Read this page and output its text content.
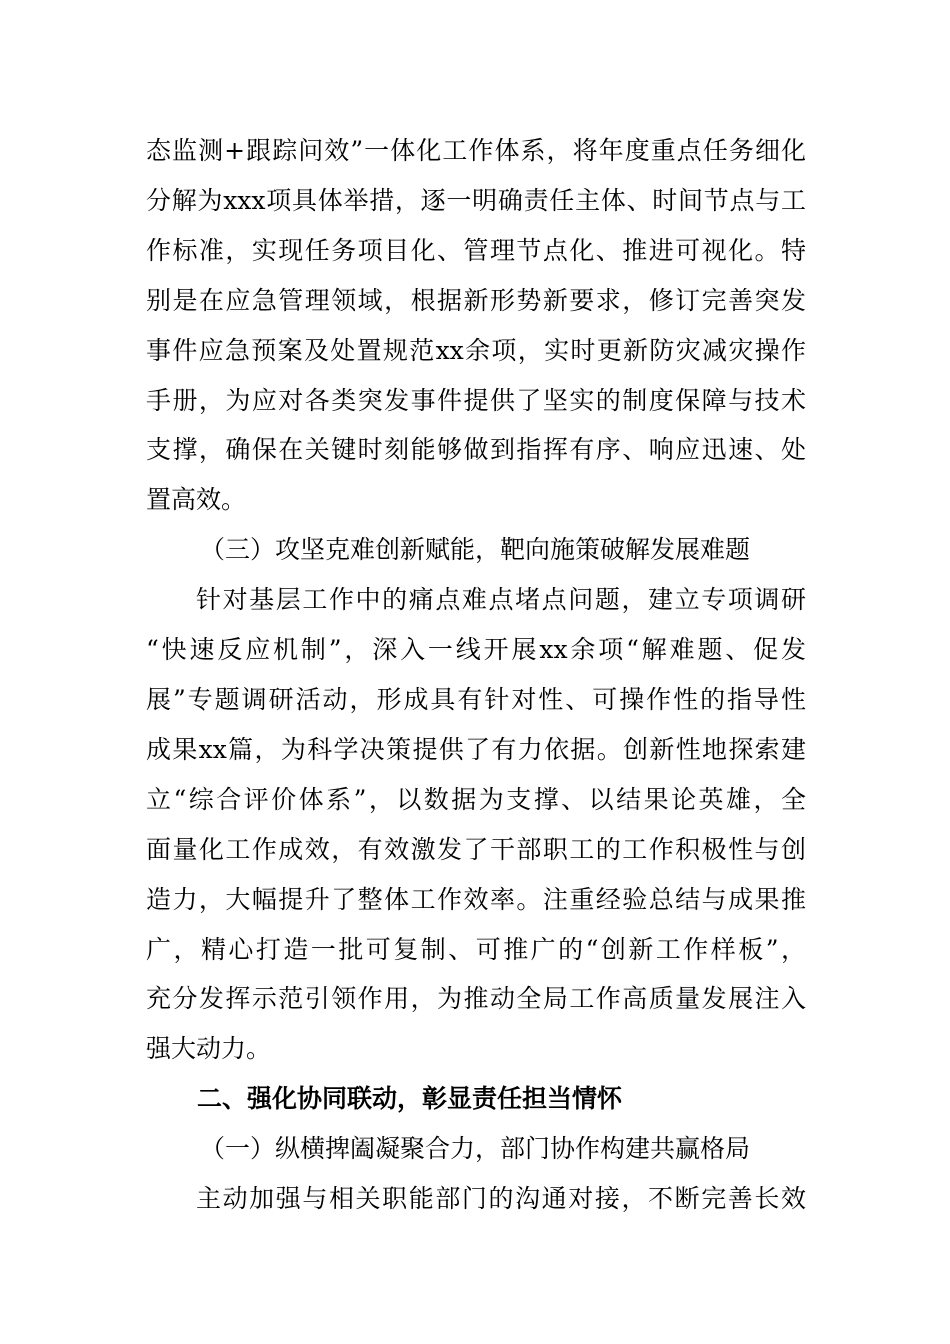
态监测+跟踪问效”一体化工作体系，将年度重点任务细化
分解为xxx项具体举措，逐一明确责任主体、时间节点与工
作标准，实现任务项目化、管理节点化、推进可视化。特
别是在应急管理领域，根据新形势新要求，修订完善突发
事件应急预案及处置规范xx余项，实时更新防灾减灾操作
手册，为应对各类突发事件提供了坚实的制度保障与技术
支撑，确保在关键时刻能够做到指挥有序、响应迅速、处
置高效。
（三）攻坚克难创新赋能，靶向施策破解发展难题
针对基层工作中的痛点难点堵点问题，建立专项调研
“快速反应机制”，深入一线开展xx余项“解难题、促发
展”专题调研活动，形成具有针对性、可操作性的指导性
成果xx篇，为科学决策提供了有力依据。创新性地探索建
立“综合评价体系”，以数据为支撑、以结果论英雄，全
面量化工作成效，有效激发了干部职工的工作积极性与创
造力，大幅提升了整体工作效率。注重经验总结与成果推
广，精心打造一批可复制、可推广的“创新工作样板”，
充分发挥示范引领作用，为推动全局工作高质量发展注入
强大动力。
二、强化协同联动，彰显责任担当情怀
（一）纵横捭阖凝聚合力，部门协作构建共赢格局
主动加强与相关职能部门的沟通对接，不断完善长效
